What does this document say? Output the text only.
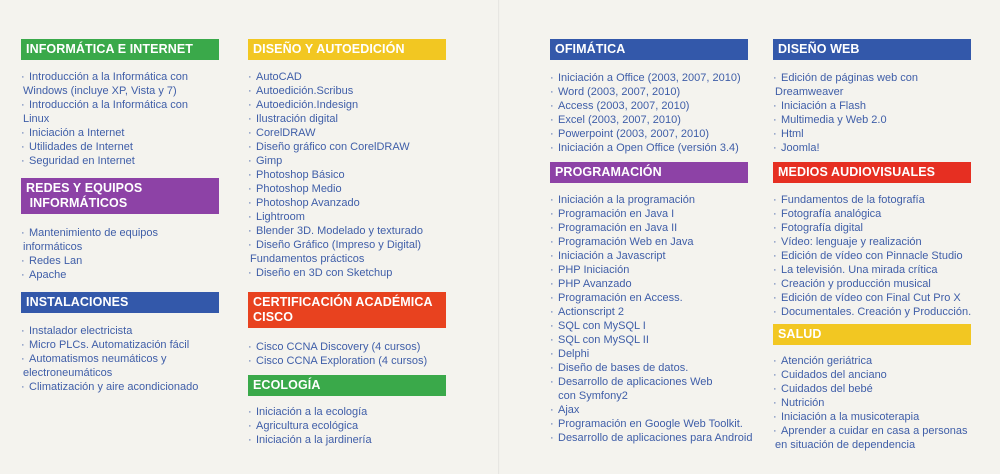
INFORMÁTICA E INTERNET
· Introducción a la Informática con
Windows (incluye XP, Vista y 7)
· Introducción a la Informática con
Linux
· Iniciación a Internet
· Utilidades de Internet
· Seguridad en Internet
REDES Y EQUIPOS
INFORMÁTICOS
· Mantenimiento de equipos
informáticos
· Redes Lan
· Apache
INSTALACIONES
· Instalador electricista
· Micro PLCs. Automatización fácil
· Automatismos neumáticos y
electroneumáticos
· Climatización y aire acondicionado
DISEÑO Y AUTOEDICIÓN
· AutoCAD
· Autoedición.Scribus
· Autoedición.Indesign
· Ilustración digital
· CorelDRAW
· Diseño gráfico con CorelDRAW
· Gimp
· Photoshop Básico
· Photoshop Medio
· Photoshop Avanzado
· Lightroom
· Blender 3D. Modelado y texturado
· Diseño Gráfico (Impreso y Digital)
Fundamentos prácticos
· Diseño en 3D con Sketchup
CERTIFICACIÓN ACADÉMICA
CISCO
· Cisco CCNA Discovery (4 cursos)
· Cisco CCNA Exploration (4 cursos)
ECOLOGÍA
· Iniciación a la ecología
· Agricultura ecológica
· Iniciación a la jardinería
OFIMÁTICA
· Iniciación a Office (2003, 2007, 2010)
· Word (2003, 2007, 2010)
· Access (2003, 2007, 2010)
· Excel (2003, 2007, 2010)
· Powerpoint (2003, 2007, 2010)
· Iniciación a Open Office (versión 3.4)
PROGRAMACIÓN
· Iniciación a la programación
· Programación en Java I
· Programación en Java II
· Programación Web en Java
· Iniciación a Javascript
· PHP Iniciación
· PHP Avanzado
· Programación en Access.
· Actionscript 2
· SQL con MySQL I
· SQL con MySQL II
· Delphi
· Diseño de bases de datos.
· Desarrollo de aplicaciones Web
con Symfony2
· Ajax
· Programación en Google Web Toolkit.
· Desarrollo de aplicaciones para Android
DISEÑO WEB
· Edición de páginas web con
Dreamweaver
· Iniciación a Flash
· Multimedia y Web 2.0
· Html
· Joomla!
MEDIOS AUDIOVISUALES
· Fundamentos de la fotografía
· Fotografía analógica
· Fotografía digital
· Vídeo: lenguaje y realización
· Edición de vídeo con Pinnacle Studio
· La televisión. Una mirada crítica
· Creación y producción musical
· Edición de vídeo con Final Cut Pro X
· Documentales. Creación y Producción.
SALUD
· Atención geriátrica
· Cuidados del anciano
· Cuidados del bebé
· Nutrición
· Iniciación a la musicoterapia
· Aprender a cuidar en casa a personas
en situación de dependencia
